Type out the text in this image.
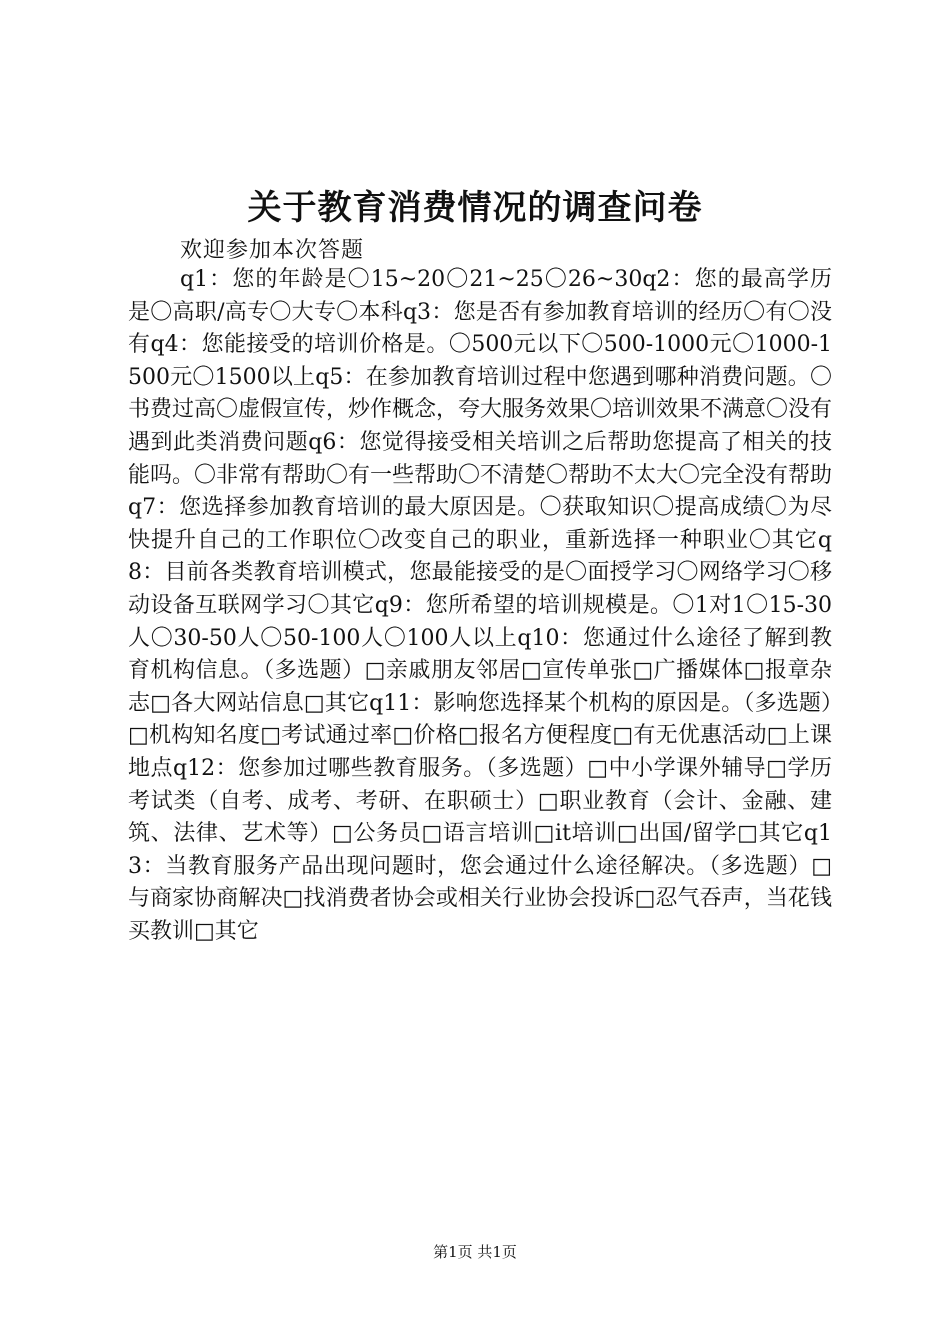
关于教育消费情况的调查问卷
欢迎参加本次答题
q1：您的年龄是〇15~20〇21~25〇26~30q2：您的最高学历是〇高职/高专〇大专〇本科q3：您是否有参加教育培训的经历〇有〇没有q4：您能接受的培训价格是。〇500元以下〇500-1000元〇1000-1500元〇1500以上q5：在参加教育培训过程中您遇到哪种消费问题。〇书费过高〇虚假宣传，炒作概念，夸大服务效果〇培训效果不满意〇没有遇到此类消费问题q6：您觉得接受相关培训之后帮助您提高了相关的技能吗。〇非常有帮助〇有一些帮助〇不清楚〇帮助不太大〇完全没有帮助q7：您选择参加教育培训的最大原因是。〇获取知识〇提高成绩〇为尽快提升自己的工作职位〇改变自己的职业，重新选择一种职业〇其它q8：目前各类教育培训模式，您最能接受的是〇面授学习〇网络学习〇移动设备互联网学习〇其它q9：您所希望的培训规模是。〇1对1〇15-30人〇30-50人〇50-100人〇100人以上q10：您通过什么途径了解到教育机构信息。（多选题）□亲戚朋友邻居□宣传单张□广播媒体□报章杂志□各大网站信息□其它q11：影响您选择某个机构的原因是。（多选题）□机构知名度□考试通过率□价格□报名方便程度□有无优惠活动□上课地点q12：您参加过哪些教育服务。（多选题）□中小学课外辅导□学历考试类（自考、成考、考研、在职硕士）□职业教育（会计、金融、建筑、法律、艺术等）□公务员□语言培训□it培训□出国/留学□其它q13：当教育服务产品出现问题时，您会通过什么途径解决。（多选题）□与商家协商解决□找消费者协会或相关行业协会投诉□忍气吞声，当花钱买教训□其它
第1页 共1页
